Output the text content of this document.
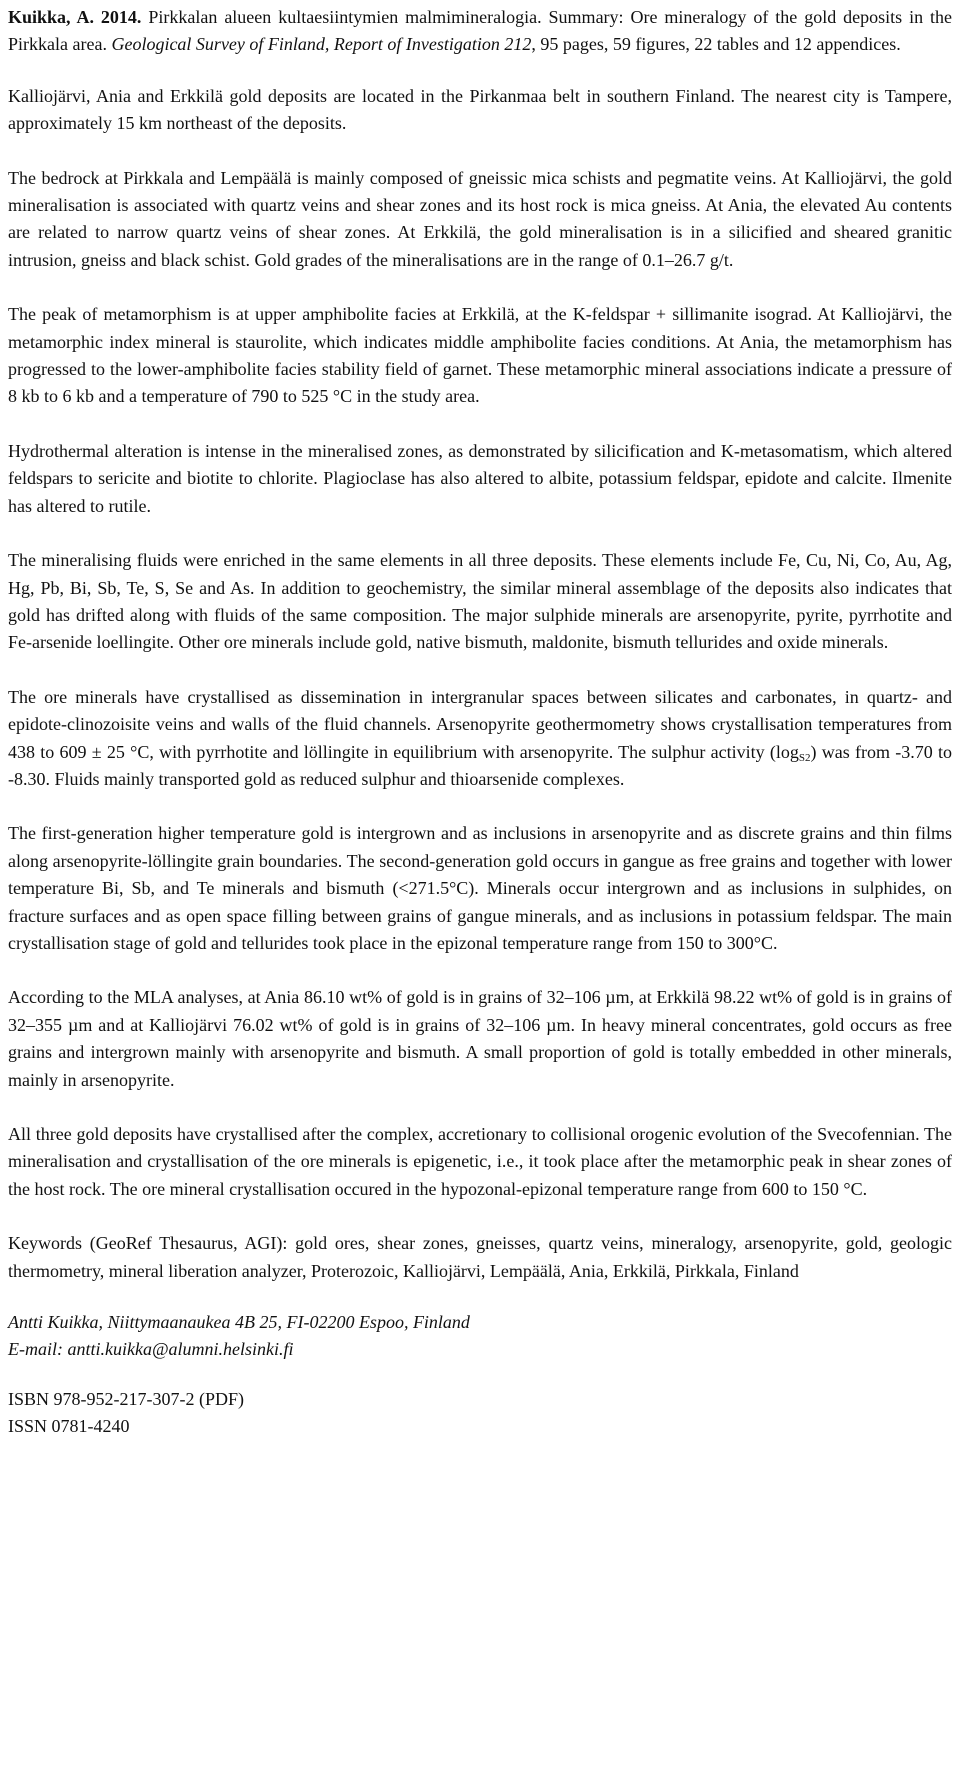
Kuikka, A. 2014. Pirkkalan alueen kultaesiintymien malmimineralogia. Summary: Ore mineralogy of the gold deposits in the Pirkkala area. Geological Survey of Finland, Report of Investigation 212, 95 pages, 59 figures, 22 tables and 12 appendices.

Kalliojärvi, Ania and Erkkilä gold deposits are located in the Pirkanmaa belt in southern Finland. The nearest city is Tampere, approximately 15 km northeast of the deposits.

The bedrock at Pirkkala and Lempäälä is mainly composed of gneissic mica schists and pegmatite veins. At Kalliojärvi, the gold mineralisation is associated with quartz veins and shear zones and its host rock is mica gneiss. At Ania, the elevated Au contents are related to narrow quartz veins of shear zones. At Erkkilä, the gold mineralisation is in a silicified and sheared granitic intrusion, gneiss and black schist. Gold grades of the mineralisations are in the range of 0.1–26.7 g/t.

The peak of metamorphism is at upper amphibolite facies at Erkkilä, at the K-feldspar + sillimanite isograd. At Kalliojärvi, the metamorphic index mineral is staurolite, which indicates middle amphibolite facies conditions. At Ania, the metamorphism has progressed to the lower-amphibolite facies stability field of garnet. These metamorphic mineral associations indicate a pressure of 8 kb to 6 kb and a temperature of 790 to 525 °C in the study area.

Hydrothermal alteration is intense in the mineralised zones, as demonstrated by silicification and K-metasomatism, which altered feldspars to sericite and biotite to chlorite. Plagioclase has also altered to albite, potassium feldspar, epidote and calcite. Ilmenite has altered to rutile.

The mineralising fluids were enriched in the same elements in all three deposits. These elements include Fe, Cu, Ni, Co, Au, Ag, Hg, Pb, Bi, Sb, Te, S, Se and As. In addition to geochemistry, the similar mineral assemblage of the deposits also indicates that gold has drifted along with fluids of the same composition. The major sulphide minerals are arsenopyrite, pyrite, pyrrhotite and Fe-arsenide loellingite. Other ore minerals include gold, native bismuth, maldonite, bismuth tellurides and oxide minerals.

The ore minerals have crystallised as dissemination in intergranular spaces between silicates and carbonates, in quartz- and epidote-clinozoisite veins and walls of the fluid channels. Arsenopyrite geothermometry shows crystallisation temperatures from 438 to 609 ± 25 °C, with pyrrhotite and löllingite in equilibrium with arsenopyrite. The sulphur activity $(\log_{S2})$ was from -3.70 to -8.30. Fluids mainly transported gold as reduced sulphur and thioarsenide complexes.

The first-generation higher temperature gold is intergrown and as inclusions in arsenopyrite and as discrete grains and thin films along arsenopyrite-löllingite grain boundaries. The second-generation gold occurs in gangue as free grains and together with lower temperature Bi, Sb, and Te minerals and bismuth (<271.5°C). Minerals occur intergrown and as inclusions in sulphides, on fracture surfaces and as open space filling between grains of gangue minerals, and as inclusions in potassium feldspar. The main crystallisation stage of gold and tellurides took place in the epizonal temperature range from 150 to 300°C.

According to the MLA analyses, at Ania 86.10 wt% of gold is in grains of 32–106 µm, at Erkkilä 98.22 wt% of gold is in grains of 32–355 µm and at Kalliojärvi 76.02 wt% of gold is in grains of 32–106 µm. In heavy mineral concentrates, gold occurs as free grains and intergrown mainly with arsenopyrite and bismuth. A small proportion of gold is totally embedded in other minerals, mainly in arsenopyrite.

All three gold deposits have crystallised after the complex, accretionary to collisional orogenic evolution of the Svecofennian. The mineralisation and crystallisation of the ore minerals is epigenetic, i.e., it took place after the metamorphic peak in shear zones of the host rock. The ore mineral crystallisation occured in the hypozonal-epizonal temperature range from 600 to 150 °C.

Keywords (GeoRef Thesaurus, AGI): gold ores, shear zones, gneisses, quartz veins, mineralogy, arsenopyrite, gold, geologic thermometry, mineral liberation analyzer, Proterozoic, Kalliojärvi, Lempäälä, Ania, Erkkilä, Pirkkala, Finland

Antti Kuikka, Niittymaanaukea 4B 25, FI-02200 Espoo, Finland
E-mail: antti.kuikka@alumni.helsinki.fi

ISBN 978-952-217-307-2 (PDF)
ISSN 0781-4240
